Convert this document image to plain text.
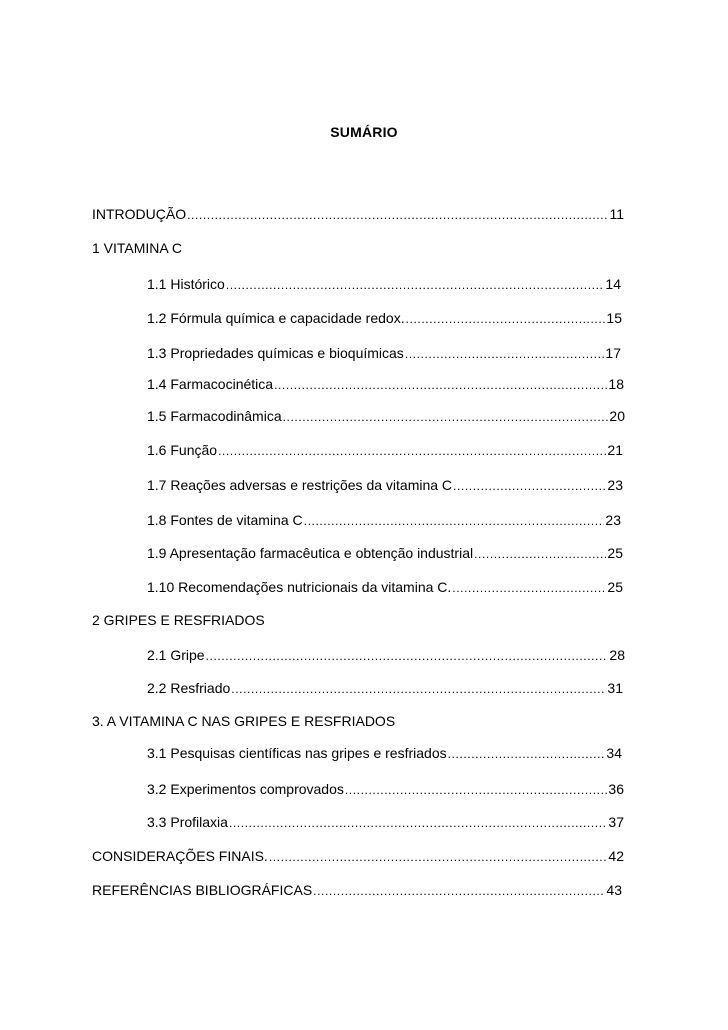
SUMÁRIO
INTRODUÇÃO .....	11
1 VITAMINA C
1.1 Histórico .....	14
1.2 Fórmula química e capacidade redox. .....	15
1.3 Propriedades químicas e bioquímicas .....	17
1.4 Farmacocinética .....	18
1.5 Farmacodinâmica .....	20
1.6 Função .....	21
1.7 Reações adversas e restrições da vitamina C .....	23
1.8 Fontes de vitamina C .....	23
1.9 Apresentação farmacêutica e obtenção industrial .....	25
1.10 Recomendações nutricionais da vitamina C. .....	25
2 GRIPES E RESFRIADOS
2.1 Gripe .....	28
2.2 Resfriado .....	31
3. A VITAMINA C NAS GRIPES E RESFRIADOS
3.1 Pesquisas científicas nas gripes e resfriados .....	34
3.2 Experimentos comprovados .....	36
3.3 Profilaxia .....	37
CONSIDERAÇÕES FINAIS. .....	42
REFERÊNCIAS BIBLIOGRÁFICAS .....	43
